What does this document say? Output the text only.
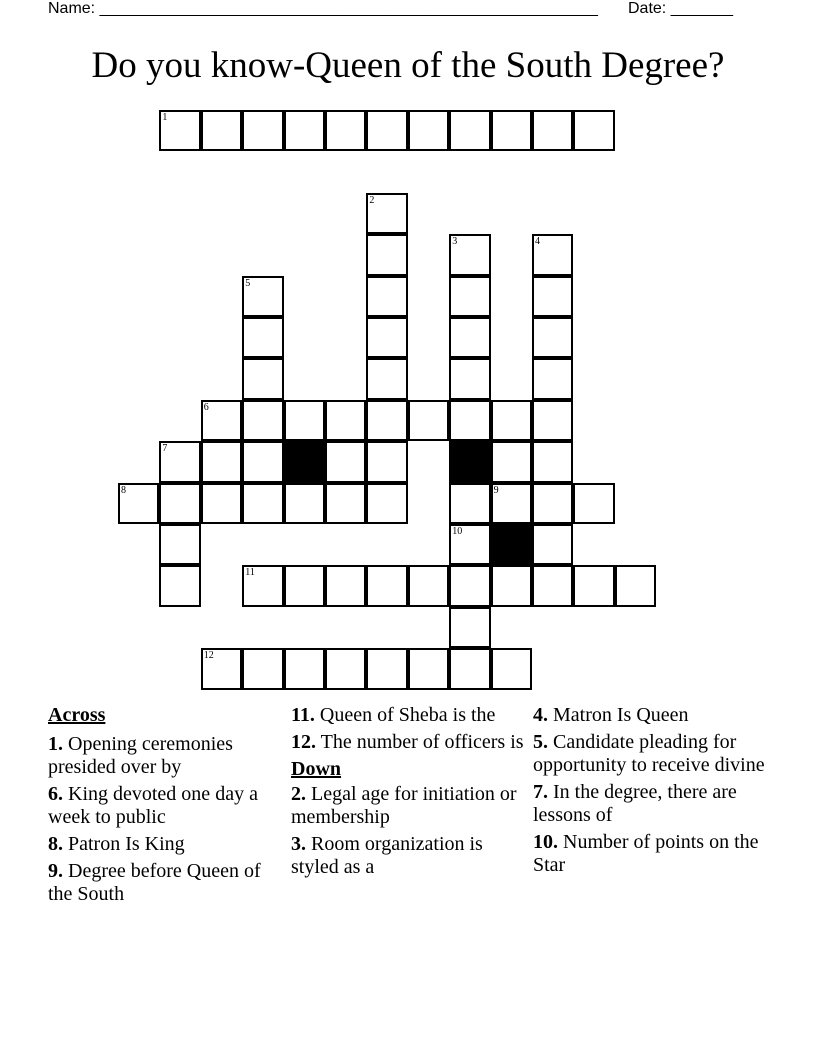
Name: ________________________________________________________ Date: _______
Do you know-Queen of the South Degree?
1
2
3	4
5
6
7
8	9
10
11
12
Across
1. Opening ceremonies presided over by
6. King devoted one day a week to public
8. Patron Is King
9. Degree before Queen of the South
11. Queen of Sheba is the
12. The number of officers is
Down
2. Legal age for initiation or membership
3. Room organization is styled as a
4. Matron Is Queen
5. Candidate pleading for opportunity to receive divine
7. In the degree, there are lessons of
10. Number of points on the Star
